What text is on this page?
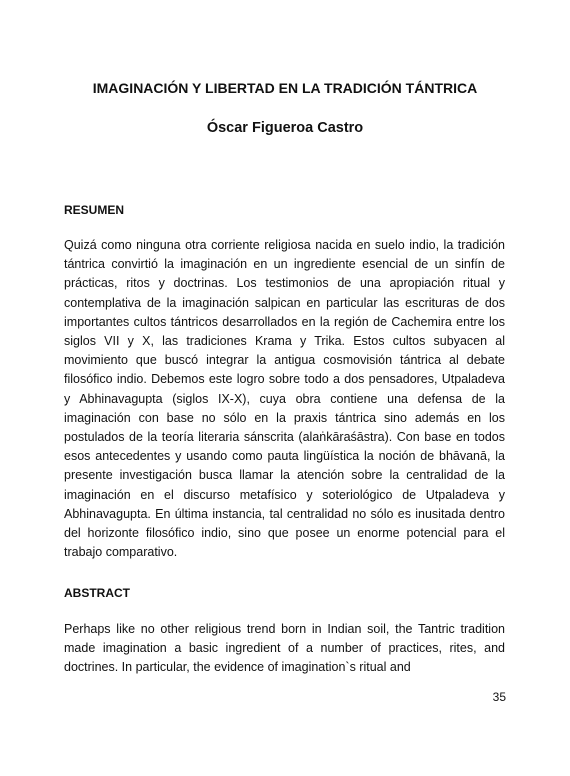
IMAGINACIÓN Y LIBERTAD EN LA TRADICIÓN TÁNTRICA
Óscar Figueroa Castro
RESUMEN

Quizá como ninguna otra corriente religiosa nacida en suelo indio, la tradición tántrica convirtió la imaginación en un ingrediente esencial de un sinfín de prácticas, ritos y doctrinas. Los testimonios de una apropiación ritual y contemplativa de la imaginación salpican en particular las escrituras de dos importantes cultos tántricos desarrollados en la región de Cachemira entre los siglos VII y X, las tradiciones Krama y Trika. Estos cultos subyacen al movimiento que buscó integrar la antigua cosmovisión tántrica al debate filosófico indio. Debemos este logro sobre todo a dos pensadores, Utpaladeva y Abhinavagupta (siglos IX-X), cuya obra contiene una defensa de la imaginación con base no sólo en la praxis tántrica sino además en los postulados de la teoría literaria sánscrita (alaṅkāraśāstra). Con base en todos esos antecedentes y usando como pauta lingüística la noción de bhāvanā, la presente investigación busca llamar la atención sobre la centralidad de la imaginación en el discurso metafísico y soteriológico de Utpaladeva y Abhinavagupta. En última instancia, tal centralidad no sólo es inusitada dentro del horizonte filosófico indio, sino que posee un enorme potencial para el trabajo comparativo.

ABSTRACT

Perhaps like no other religious trend born in Indian soil, the Tantric tradition made imagination a basic ingredient of a number of practices, rites, and doctrines. In particular, the evidence of imagination`s ritual and

35
